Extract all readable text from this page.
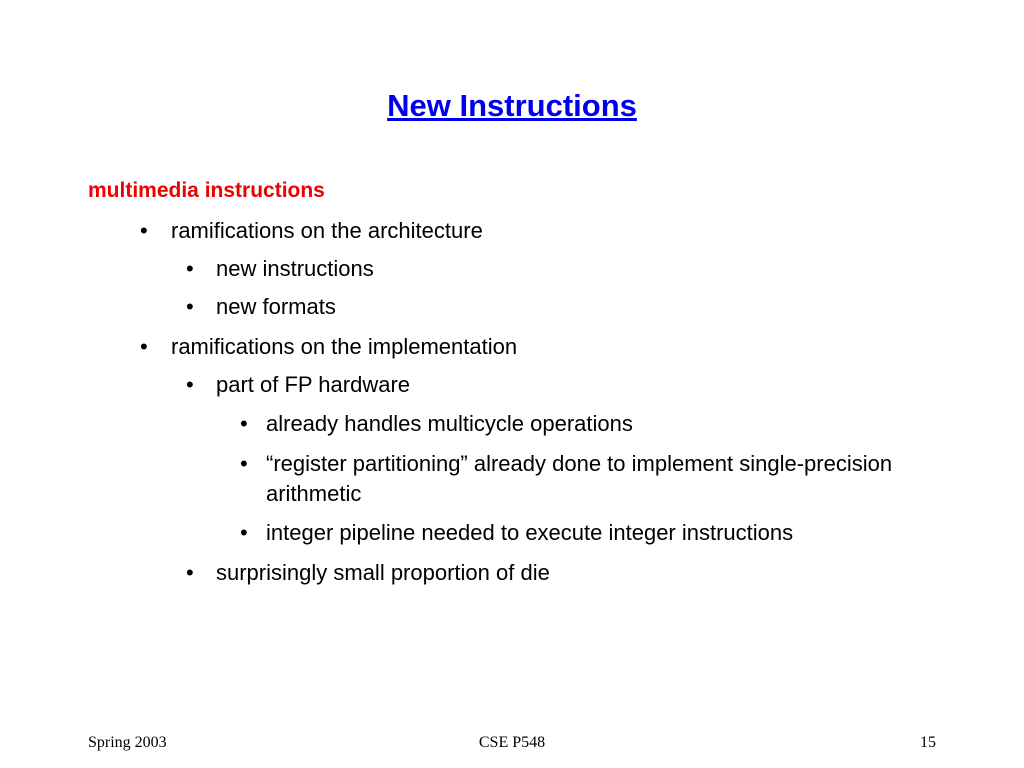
New Instructions
multimedia instructions
• ramifications on the architecture
• new instructions
• new formats
• ramifications on the implementation
• part of FP hardware
• already handles multicycle operations
• “register partitioning” already done to implement single-precision arithmetic
• integer pipeline needed to execute integer instructions
• surprisingly small proportion of die
Spring 2003	CSE P548	15
